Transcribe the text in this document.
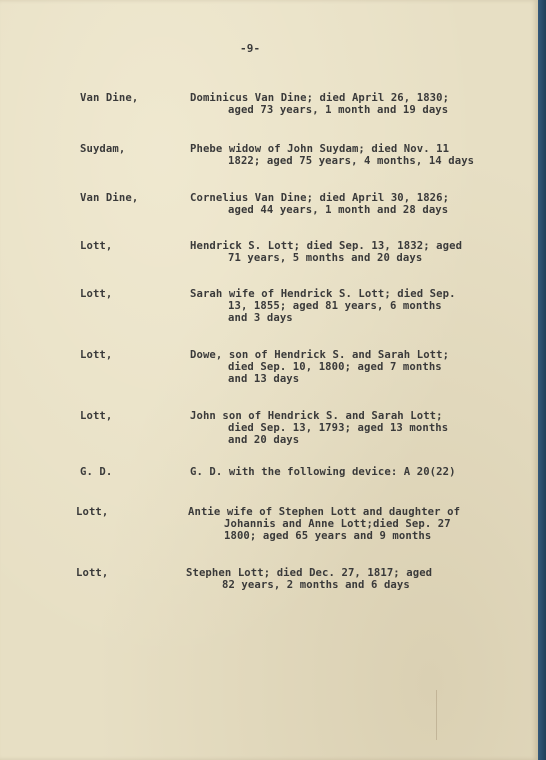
-9-
Van Dine,	Dominicus Van Dine; died April 26, 1830;
aged 73 years, 1 month and 19 days
Suydam,	Phebe widow of John Suydam; died Nov. 11
1822; aged 75 years, 4 months, 14 days
Van Dine,	Cornelius Van Dine; died April 30, 1826;
aged 44 years, 1 month and 28 days
Lott,	Hendrick S. Lott; died Sep. 13, 1832; aged
71 years, 5 months and 20 days
Lott,	Sarah wife of Hendrick S. Lott; died Sep.
13, 1855; aged 81 years, 6 months
and 3 days
Lott,	Dowe, son of Hendrick S. and Sarah Lott;
died Sep. 10, 1800; aged 7 months
and 13 days
Lott,	John son of Hendrick S. and Sarah Lott;
died Sep. 13, 1793; aged 13 months
and 20 days
G. D.	G. D. with the following device: A 20(22)
Lott,	Antie wife of Stephen Lott and daughter of
Johannis and Anne Lott;died Sep. 27
1800; aged 65 years and 9 months
Lott,	Stephen Lott; died Dec. 27, 1817; aged
82 years, 2 months and 6 days
